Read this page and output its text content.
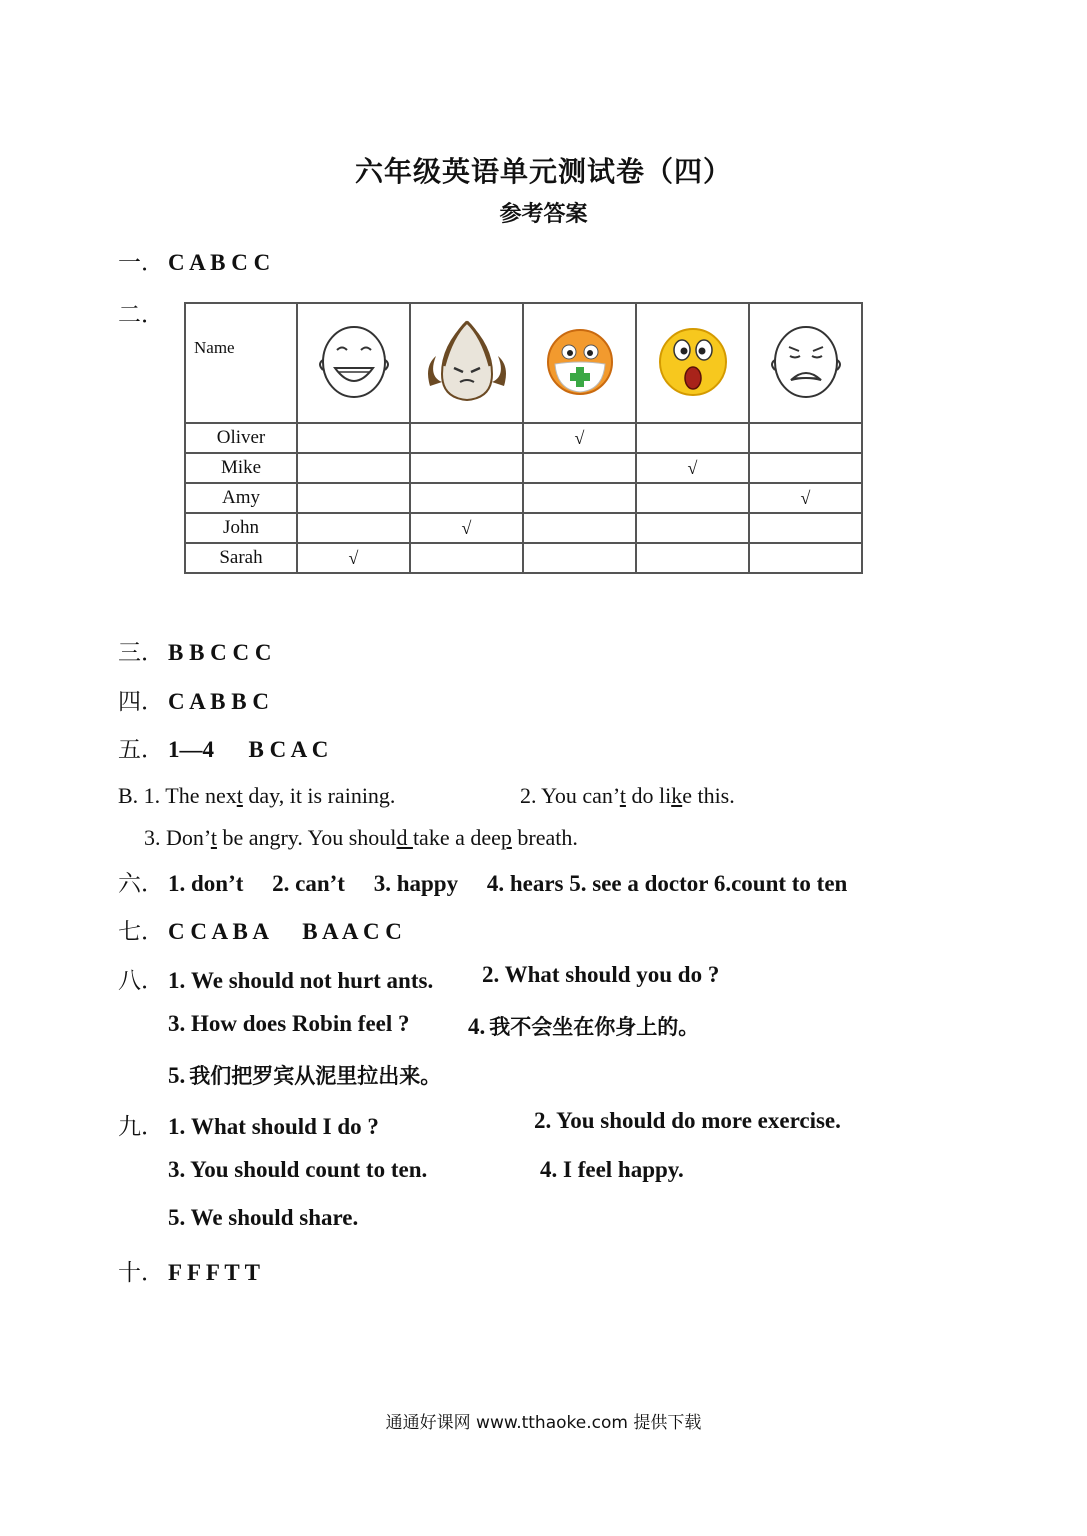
六年级英语单元测试卷（四）
参考答案
一． C A B C C
二．
Name

Oliver			√		
Mike				√	
Amy					√
John		√			
Sarah	√				
三． B B C C C
四． C A B B C
五． 1—4 　 B C A C
B. 1. The next day, it is raining.	2. You can’t do like this.
3. Don’t be angry. You should take a deep breath.
六． 1. don’t 　2. can’t 　3. happy 　4. hears 5. see a doctor 6.count to ten
七． C C A B A 　 B A A C C
八． 1. We should not hurt ants. 2. What should you do ?
3. How does Robin feel ?	4. 我不会坐在你身上的。
5. 我们把罗宾从泥里拉出来。
九． 1. What should I do ?	2. You should do more exercise.
3. You should count to ten.	4. I feel happy.
5. We should share.
十． F F F T T
通通好课网 www.tthaoke.com 提供下载
